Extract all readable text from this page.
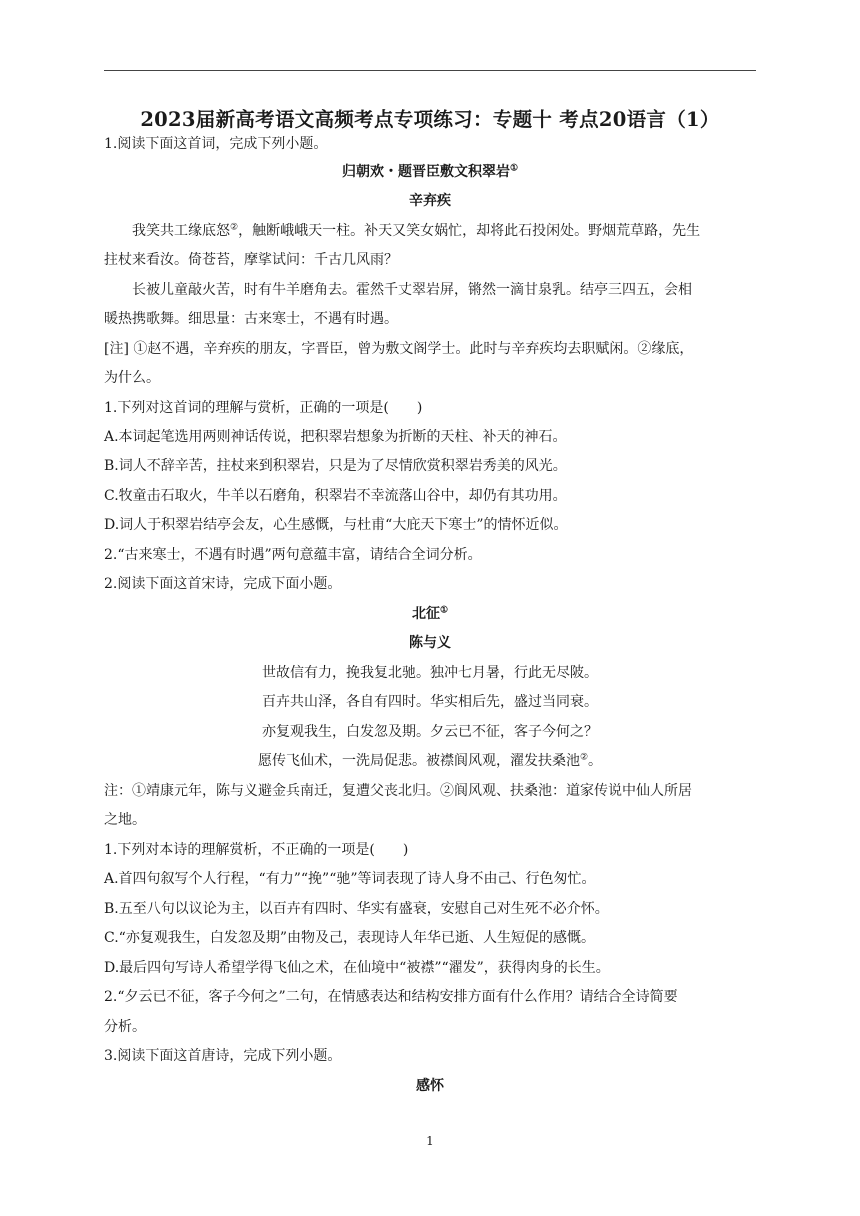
2023届新高考语文高频考点专项练习：专题十 考点20语言（1）
1.阅读下面这首词，完成下列小题。
归朝欢・题晋臣敷文积翠岩①
辛弃疾
我笑共工缘底怒②，触断峨峨天一柱。补天又笑女娲忙，却将此石投闲处。野烟荒草路，先生
拄杖来看汝。倚苍苔，摩挲试问：千古几风雨？
长被儿童敲火苦，时有牛羊磨角去。霍然千丈翠岩屏，锵然一滴甘泉乳。结亭三四五，会相
暖热携歌舞。细思量：古来寒士，不遇有时遇。
[注] ①赵不遇，辛弃疾的朋友，字晋臣，曾为敷文阁学士。此时与辛弃疾均去职赋闲。②缘底，
为什么。
1.下列对这首词的理解与赏析，正确的一项是(　　)
A.本词起笔选用两则神话传说，把积翠岩想象为折断的天柱、补天的神石。
B.词人不辞辛苦，拄杖来到积翠岩，只是为了尽情欣赏积翠岩秀美的风光。
C.牧童击石取火，牛羊以石磨角，积翠岩不幸流落山谷中，却仍有其功用。
D.词人于积翠岩结亭会友，心生感慨，与杜甫“大庇天下寒士”的情怀近似。
2.“古来寒士，不遇有时遇”两句意蕴丰富，请结合全词分析。
2.阅读下面这首宋诗，完成下面小题。
北征①
陈与义
世故信有力，挽我复北驰。独冲七月暑，行此无尽陂。
百卉共山泽，各自有四时。华实相后先，盛过当同衰。
亦复观我生，白发忽及期。夕云已不征，客子今何之？
愿传飞仙术，一洗局促悲。被襟阆风观，濯发扶桑池②。
注：①靖康元年，陈与义避金兵南迁，复遭父丧北归。②阆风观、扶桑池：道家传说中仙人所居
之地。
1.下列对本诗的理解赏析，不正确的一项是(　　)
A.首四句叙写个人行程，“有力”“挽”“驰”等词表现了诗人身不由己、行色匆忙。
B.五至八句以议论为主，以百卉有四时、华实有盛衰，安慰自己对生死不必介怀。
C.“亦复观我生，白发忽及期”由物及己，表现诗人年华已逝、人生短促的感慨。
D.最后四句写诗人希望学得飞仙之术，在仙境中“被襟”“濯发”，获得肉身的长生。
2.“夕云已不征，客子今何之”二句，在情感表达和结构安排方面有什么作用？请结合全诗简要
分析。
3.阅读下面这首唐诗，完成下列小题。
感怀
1
